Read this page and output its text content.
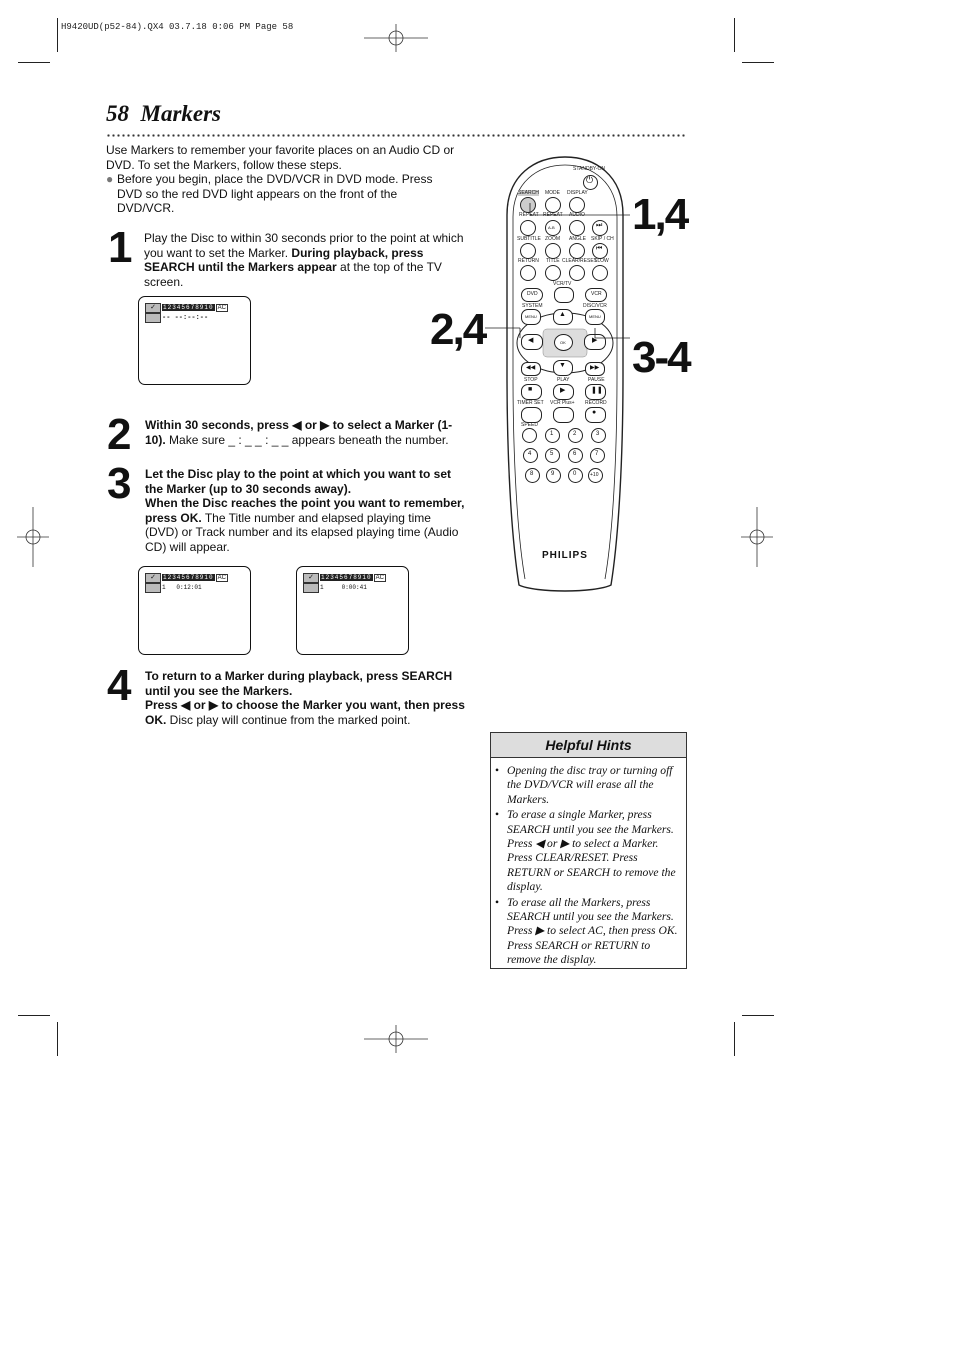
H9420UD(p52-84).QX4 03.7.18 0:06 PM Page 58
58 Markers
Use Markers to remember your favorite places on an Audio CD or DVD. To set the Markers, follow these steps.
● Before you begin, place the DVD/VCR in DVD mode. Press DVD so the red DVD light appears on the front of the DVD/VCR.
1 Play the Disc to within 30 seconds prior to the point at which you want to set the Marker. During playback, press SEARCH until the Markers appear at the top of the TV screen.
✓	12345678910 AC
-- --:--:--
2 Within 30 seconds, press ◀ or ▶ to select a Marker (1-10). Make sure _ : _ _ : _ _ appears beneath the number.
3 Let the Disc play to the point at which you want to set the Marker (up to 30 seconds away).
When the Disc reaches the point you want to remember, press OK. The Title number and elapsed playing time (DVD) or Track number and its elapsed playing time (Audio CD) will appear.
✓	12345678910 AC
1   0:12:01
✓	12345678910 AC
1     0:00:41
4 To return to a Marker during playback, press SEARCH until you see the Markers.
Press ◀ or ▶ to choose the Marker you want, then press OK. Disc play will continue from the marked point.
STANDBY-ON
⏻
SEARCH MODE DISPLAY
REPEAT REPEAT AUDIO
A-B	⏭
SUBTITLE ZOOM ANGLE SKIP / CH
⏮
RETURN TITLE CLEAR/RESET
SLOW
VCR/TV
DVD	VCR
SYSTEM	DISC/VCR
MENU	▲	MENU
◀	OK	▶
◀◀	▼	▶▶
STOP	PLAY	PAUSE
■	▶	❚❚
TIMER SET VCR Plus+ RECORD
●
SPEED
1	2	3
4	5	6	7
8	9	0	+10
PHILIPS
1,4
2,4
3-4
Helpful Hints
• Opening the disc tray or turning off the DVD/VCR will erase all the Markers.
• To erase a single Marker, press SEARCH until you see the Markers. Press ◀ or ▶ to select a Marker. Press CLEAR/RESET. Press RETURN or SEARCH to remove the display.
• To erase all the Markers, press SEARCH until you see the Markers. Press ▶ to select AC, then press OK. Press SEARCH or RETURN to remove the display.
